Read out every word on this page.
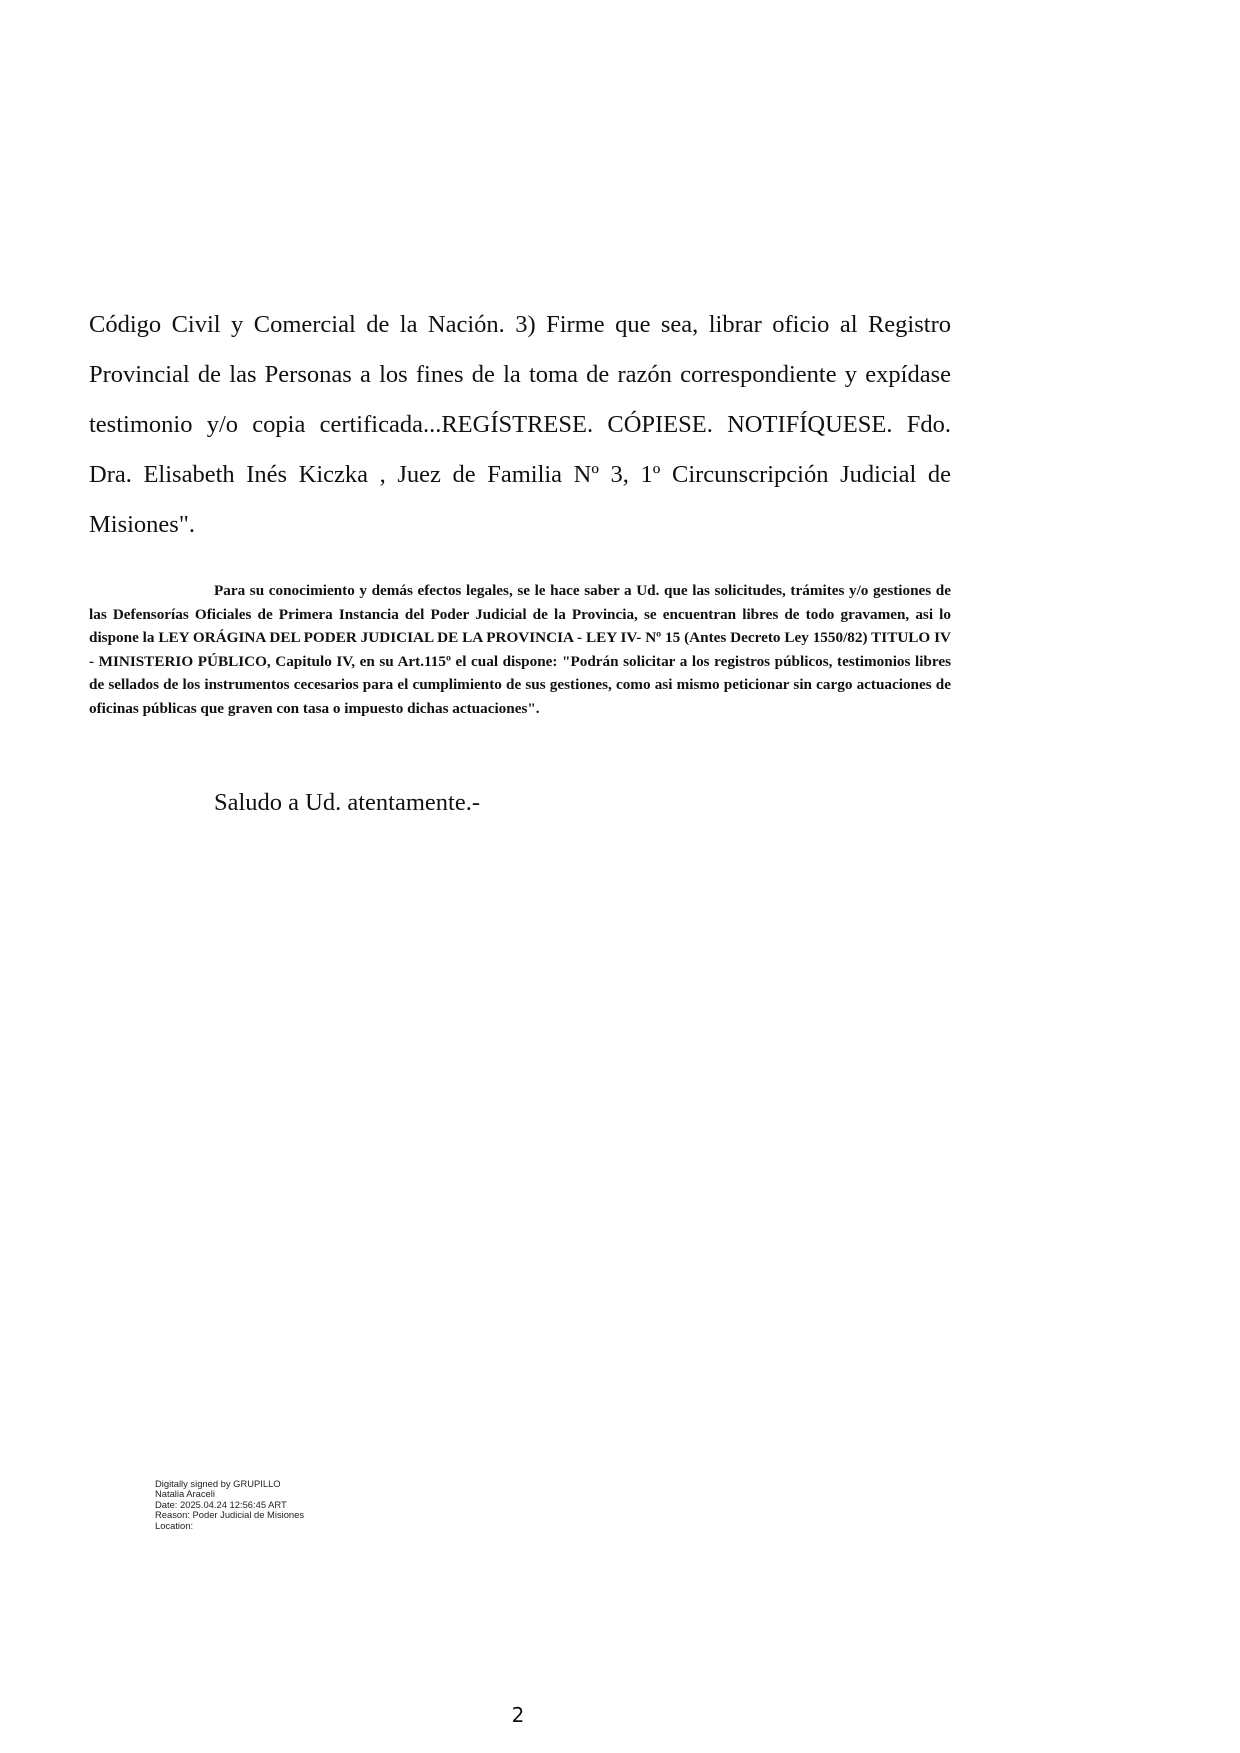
Código Civil y Comercial de la Nación. 3) Firme que sea, librar oficio al Registro Provincial de las Personas a los fines de la toma de razón correspondiente y expídase testimonio y/o copia certificada...REGÍSTRESE. CÓPIESE. NOTIFÍQUESE. Fdo. Dra. Elisabeth Inés Kiczka , Juez de Familia Nº 3, 1º Circunscripción Judicial de Misiones".

Para su conocimiento y demás efectos legales, se le hace saber a Ud. que las solicitudes, trámites y/o gestiones de las Defensorías Oficiales de Primera Instancia del Poder Judicial de la Provincia, se encuentran libres de todo gravamen, asi lo dispone la LEY ORÁGINA DEL PODER JUDICIAL DE LA PROVINCIA - LEY IV- Nº 15 (Antes Decreto Ley 1550/82) TITULO IV - MINISTERIO PÚBLICO, Capitulo IV, en su Art.115º el cual dispone: "Podrán solicitar a los registros públicos, testimonios libres de sellados de los instrumentos cecesarios para el cumplimiento de sus gestiones, como asi mismo peticionar sin cargo actuaciones de oficinas públicas que graven con tasa o impuesto dichas actuaciones".

Saludo a Ud. atentamente.-

Digitally signed by GRUPILLO
Natalia Araceli
Date: 2025.04.24 12:56:45 ART
Reason: Poder Judicial de Misiones
Location:
2
